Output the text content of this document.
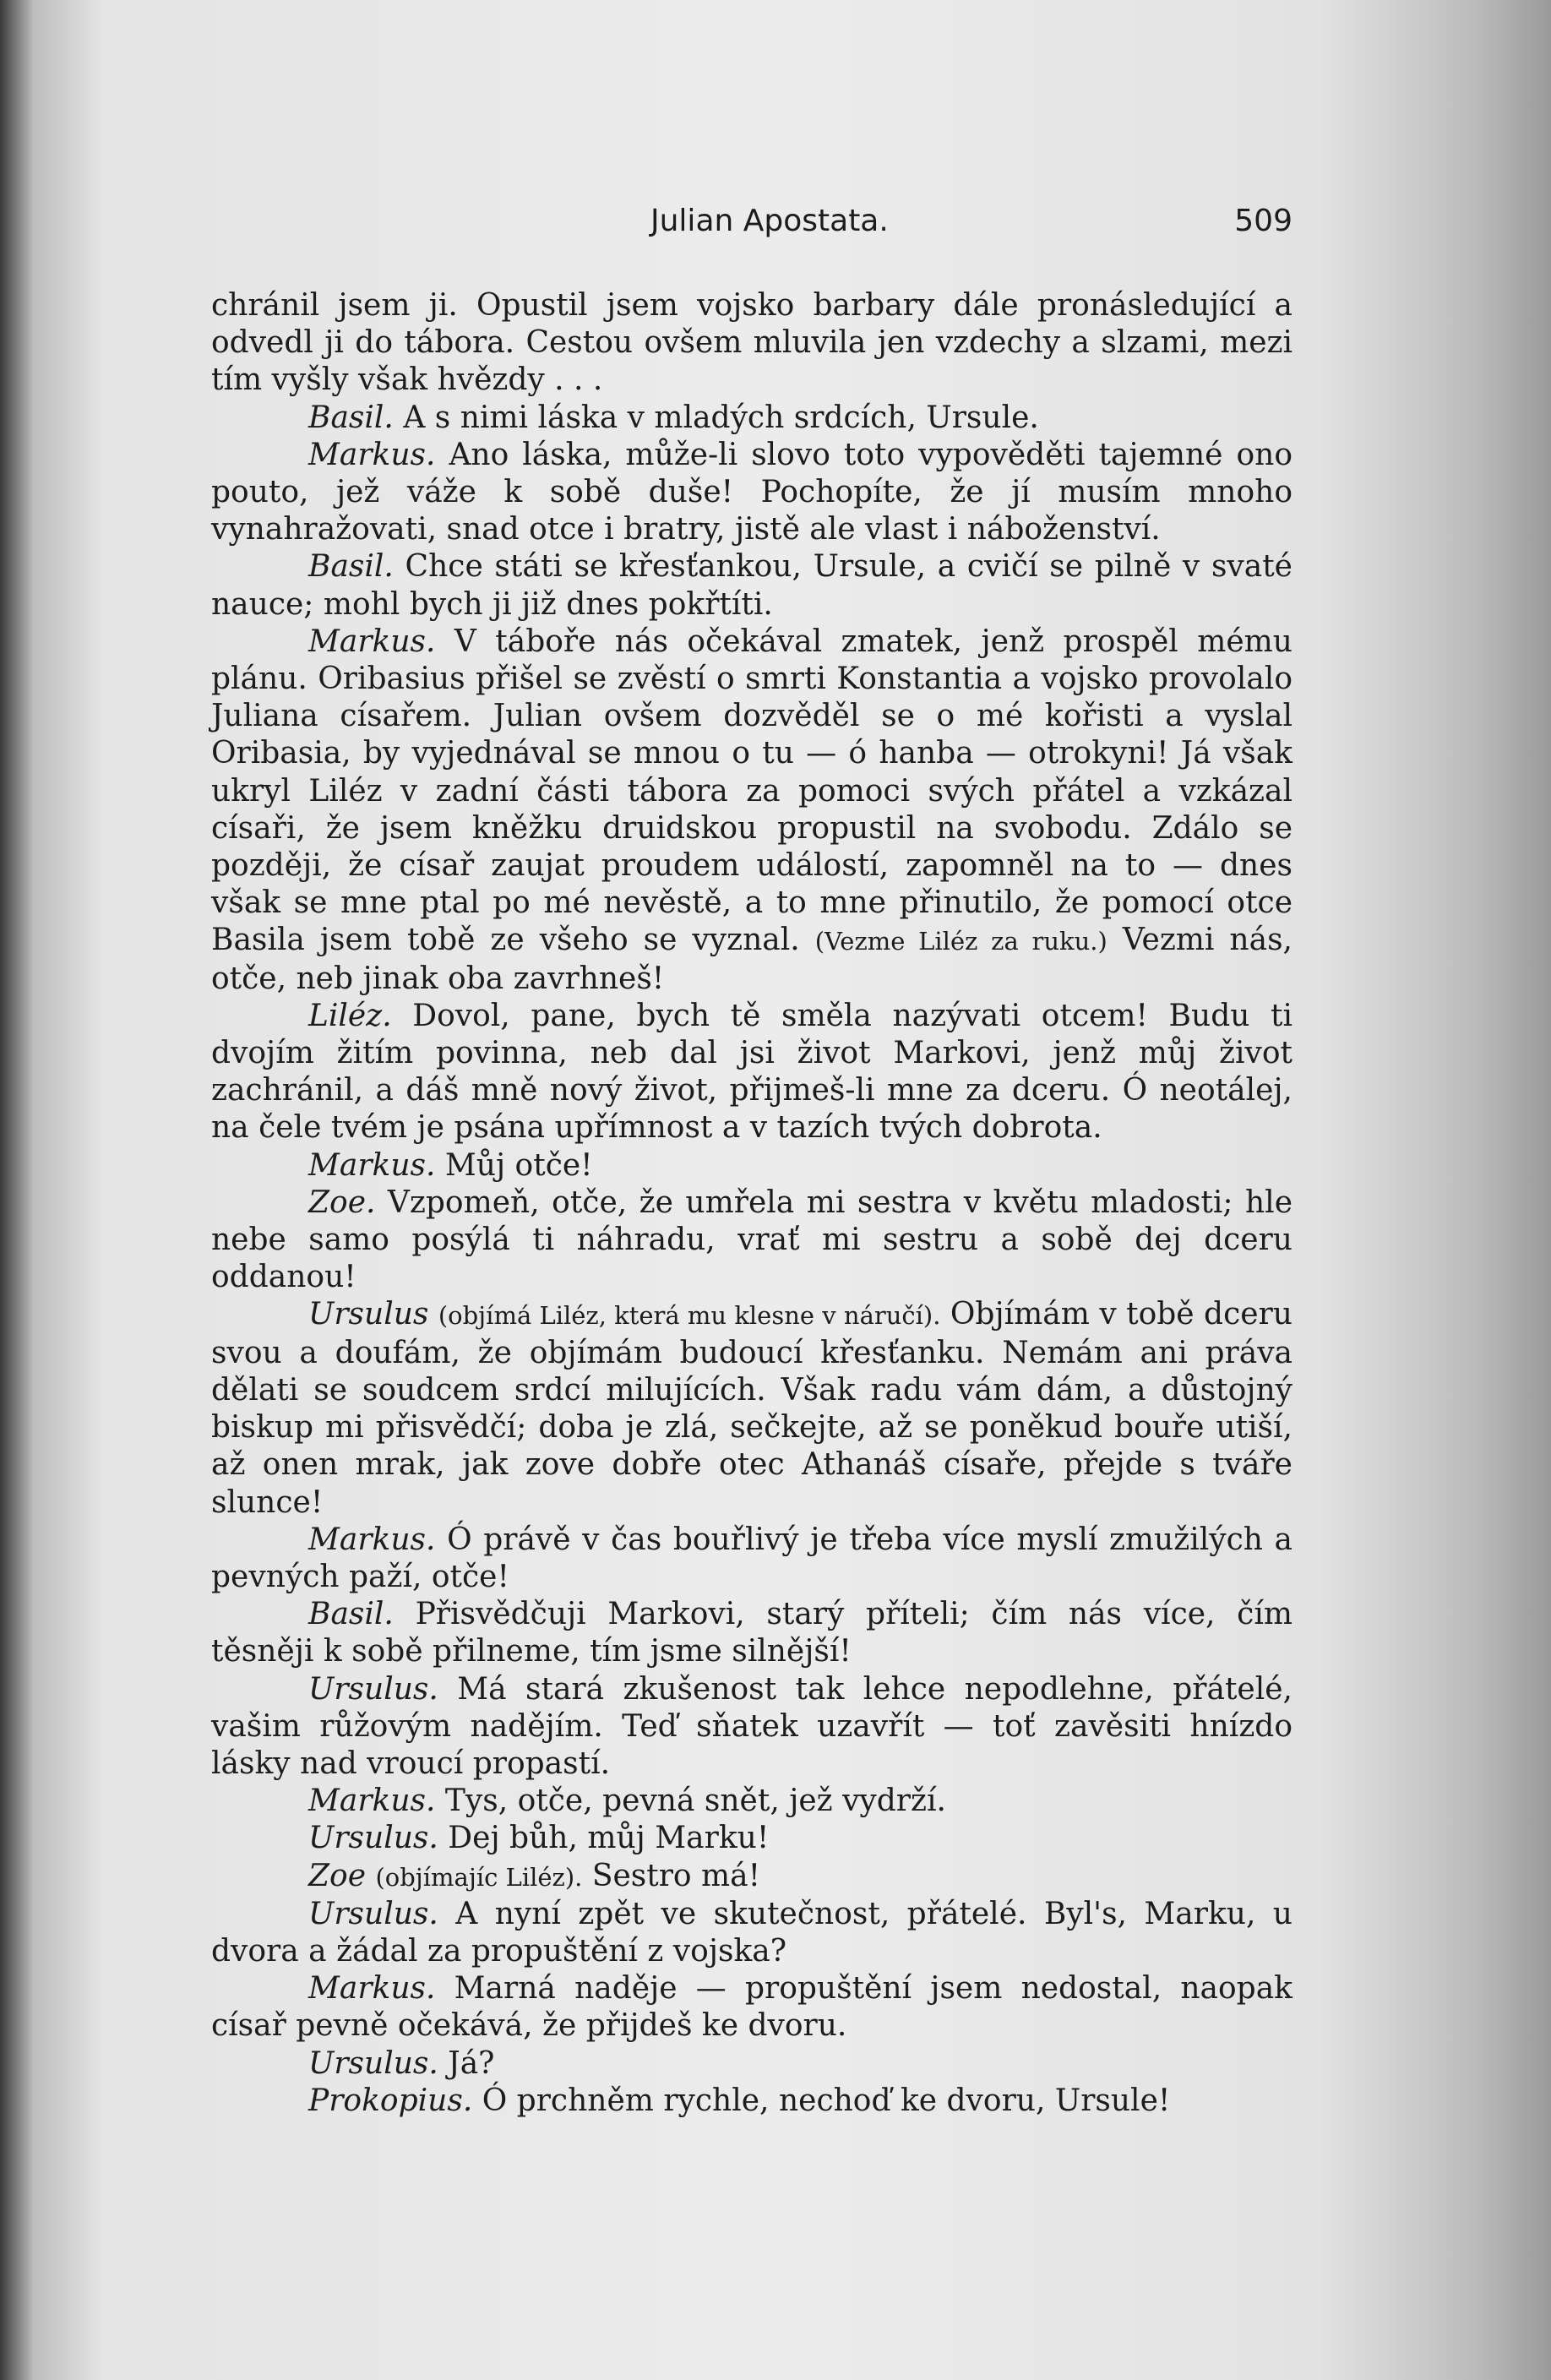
Julian Apostata.	509

chránil jsem ji. Opustil jsem vojsko barbary dále pronásledující a odvedl ji do tábora. Cestou ovšem mluvila jen vzdechy a slzami, mezi tím vyšly však hvězdy . . .

Basil. A s nimi láska v mladých srdcích, Ursule.

Markus. Ano láska, může-li slovo toto vypověděti tajemné ono pouto, jež váže k sobě duše! Pochopíte, že jí musím mnoho vynahražovati, snad otce i bratry, jistě ale vlast i náboženství.

Basil. Chce státi se křesťankou, Ursule, a cvičí se pilně v svaté nauce; mohl bych ji již dnes pokřtíti.

Markus. V táboře nás očekával zmatek, jenž prospěl mému plánu. Oribasius přišel se zvěstí o smrti Konstantia a vojsko provolalo Juliana císařem. Julian ovšem dozvěděl se o mé kořisti a vyslal Oribasia, by vyjednával se mnou o tu — ó hanba — otrokyni! Já však ukryl Liléz v zadní části tábora za pomoci svých přátel a vzkázal císaři, že jsem kněžku druidskou propustil na svobodu. Zdálo se později, že císař zaujat proudem událostí, zapomněl na to — dnes však se mne ptal po mé nevěstě, a to mne přinutilo, že pomocí otce Basila jsem tobě ze všeho se vyznal. (Vezme Liléz za ruku.) Vezmi nás, otče, neb jinak oba zavrhneš!

Liléz. Dovol, pane, bych tě směla nazývati otcem! Budu ti dvojím žitím povinna, neb dal jsi život Markovi, jenž můj život zachránil, a dáš mně nový život, přijmeš-li mne za dceru. Ó neotálej, na čele tvém je psána upřímnost a v tazích tvých dobrota.

Markus. Můj otče!

Zoe. Vzpomeň, otče, že umřela mi sestra v květu mladosti; hle nebe samo posýlá ti náhradu, vrať mi sestru a sobě dej dceru oddanou!

Ursulus (objímá Liléz, která mu klesne v náručí). Objímám v tobě dceru svou a doufám, že objímám budoucí křesťanku. Nemám ani práva dělati se soudcem srdcí milujících. Však radu vám dám, a důstojný biskup mi přisvědčí; doba je zlá, sečkejte, až se poněkud bouře utiší, až onen mrak, jak zove dobře otec Athanáš císaře, přejde s tváře slunce!

Markus. Ó právě v čas bouřlivý je třeba více myslí zmužilých a pevných paží, otče!

Basil. Přisvědčuji Markovi, starý příteli; čím nás více, čím těsněji k sobě přilneme, tím jsme silnější!

Ursulus. Má stará zkušenost tak lehce nepodlehne, přátelé, vašim růžovým nadějím. Teď sňatek uzavřít — toť zavěsiti hnízdo lásky nad vroucí propastí.

Markus. Tys, otče, pevná snět, jež vydrží.

Ursulus. Dej bůh, můj Marku!

Zoe (objímajíc Liléz). Sestro má!

Ursulus. A nyní zpět ve skutečnost, přátelé. Byl's, Marku, u dvora a žádal za propuštění z vojska?

Markus. Marná naděje — propuštění jsem nedostal, naopak císař pevně očekává, že přijdeš ke dvoru.

Ursulus. Já?

Prokopius. Ó prchněm rychle, nechoď ke dvoru, Ursule!
